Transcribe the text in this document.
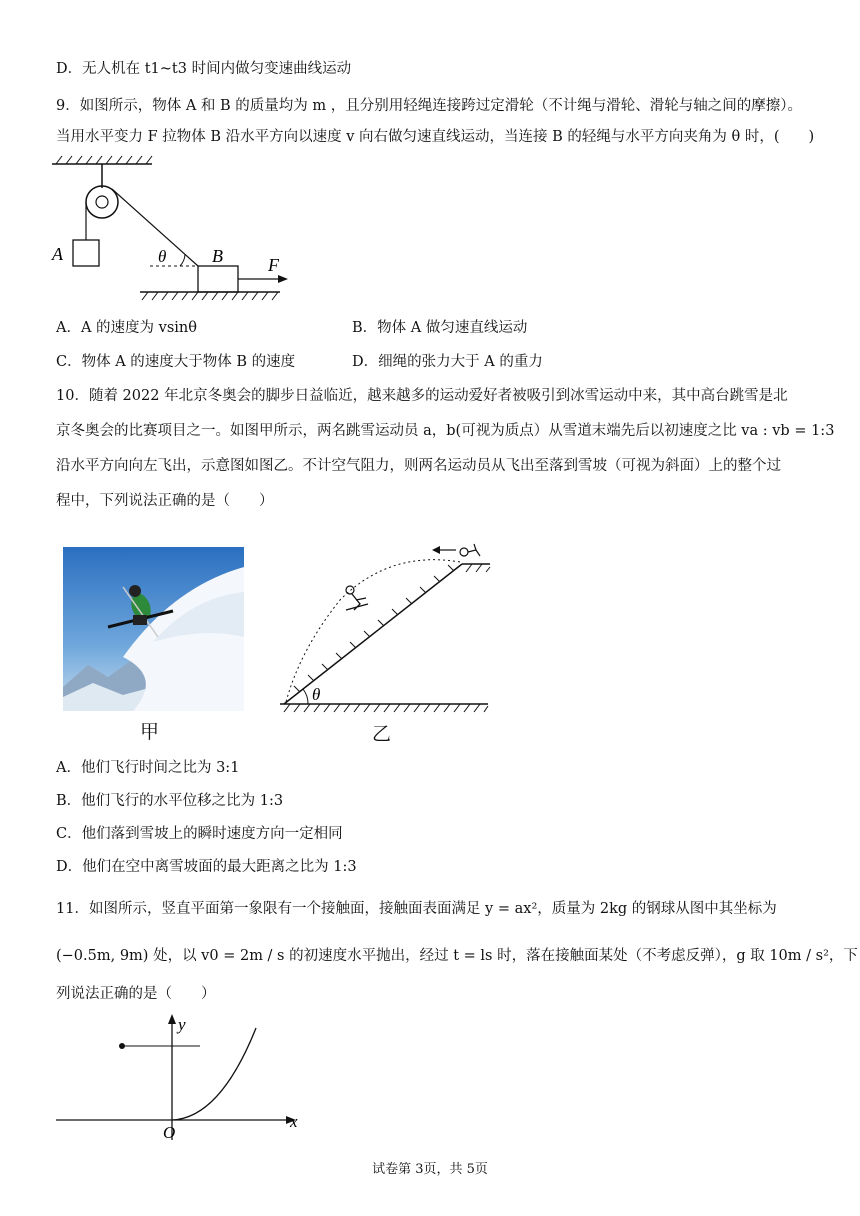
D．无人机在 t1~t3 时间内做匀变速曲线运动
9．如图所示，物体 A 和 B 的质量均为 m ，且分别用轻绳连接跨过定滑轮（不计绳与滑轮、滑轮与轴之间的摩擦）。
当用水平变力 F 拉物体 B 沿水平方向以速度 v 向右做匀速直线运动，当连接 B 的轻绳与水平方向夹角为 θ 时，(　　)
A	θ	B	F
A．A 的速度为 vsinθ	B．物体 A 做匀速直线运动
C．物体 A 的速度大于物体 B 的速度	D．细绳的张力大于 A 的重力
10．随着 2022 年北京冬奥会的脚步日益临近，越来越多的运动爱好者被吸引到冰雪运动中来，其中高台跳雪是北
京冬奥会的比赛项目之一。如图甲所示，两名跳雪运动员 a，b(可视为质点）从雪道末端先后以初速度之比 va : vb = 1:3
沿水平方向向左飞出，示意图如图乙。不计空气阻力，则两名运动员从飞出至落到雪坡（可视为斜面）上的整个过
程中，下列说法正确的是（　　）
甲
θ
乙
A．他们飞行时间之比为 3:1
B．他们飞行的水平位移之比为 1:3
C．他们落到雪坡上的瞬时速度方向一定相同
D．他们在空中离雪坡面的最大距离之比为 1:3
11．如图所示，竖直平面第一象限有一个接触面，接触面表面满足 y = ax²，质量为 2kg 的钢球从图中其坐标为
(−0.5m, 9m) 处，以 v0 = 2m / s 的初速度水平抛出，经过 t = ls 时，落在接触面某处（不考虑反弹），g 取 10m / s²，下
列说法正确的是（　　）
x
y
O
试卷第 3页，共 5页
